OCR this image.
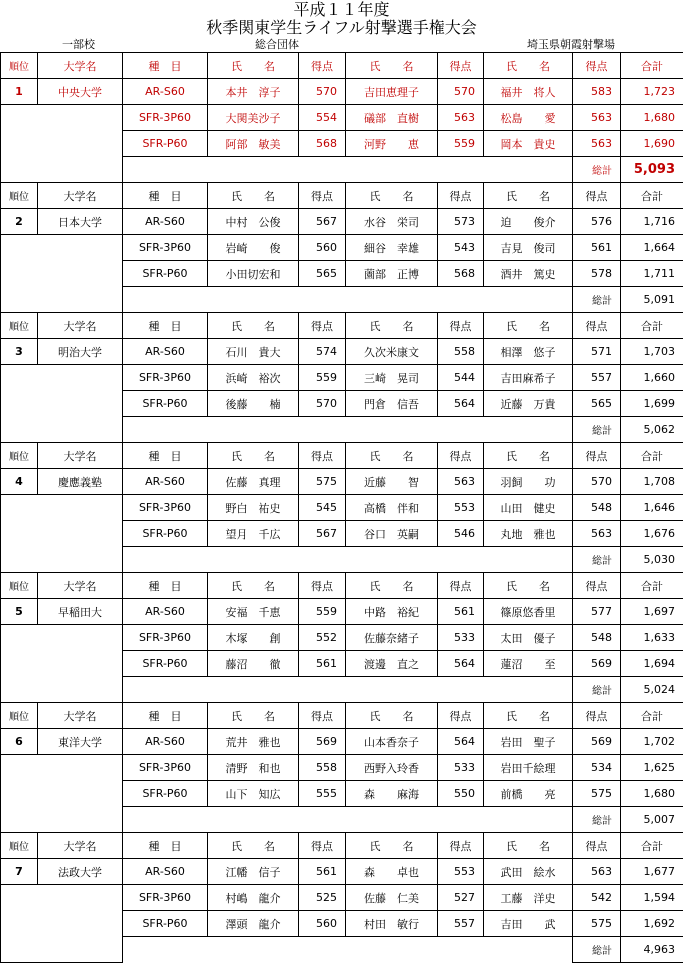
平成１１年度
秋季関東学生ライフル射撃選手権大会
一部校	総合団体	埼玉県朝霞射撃場
順位	大学名	種　目	氏　　名	得点	氏　　名	得点	氏　　名	得点	合計
1	中央大学	AR-S60	本井　淳子	570	吉田恵理子	570	福井　将人	583	1,723
SFR-3P60	大関美沙子	554	礒部　直樹	563	松島　　愛	563	1,680
SFR-P60	阿部　敏美	568	河野　　恵	559	岡本　貴史	563	1,690
総計	5,093
順位	大学名	種　目	氏　　名	得点	氏　　名	得点	氏　　名	得点	合計
2	日本大学	AR-S60	中村　公俊	567	水谷　栄司	573	迫　　俊介	576	1,716
SFR-3P60	岩崎　　俊	560	細谷　幸雄	543	吉見　俊司	561	1,664
SFR-P60	小田切宏和	565	薗部　正博	568	酒井　篤史	578	1,711
総計	5,091
順位	大学名	種　目	氏　　名	得点	氏　　名	得点	氏　　名	得点	合計
3	明治大学	AR-S60	石川　貴大	574	久次米康文	558	相澤　悠子	571	1,703
SFR-3P60	浜崎　裕次	559	三崎　晃司	544	吉田麻希子	557	1,660
SFR-P60	後藤　　楠	570	門倉　信吾	564	近藤　万貴	565	1,699
総計	5,062
順位	大学名	種　目	氏　　名	得点	氏　　名	得点	氏　　名	得点	合計
4	慶應義塾	AR-S60	佐藤　真理	575	近藤　　智	563	羽飼　　功	570	1,708
SFR-3P60	野白　祐史	545	高橋　伴和	553	山田　健史	548	1,646
SFR-P60	望月　千広	567	谷口　英嗣	546	丸地　雅也	563	1,676
総計	5,030
順位	大学名	種　目	氏　　名	得点	氏　　名	得点	氏　　名	得点	合計
5	早稲田大	AR-S60	安福　千恵	559	中路　裕紀	561	篠原悠香里	577	1,697
SFR-3P60	木塚　　創	552	佐藤奈緒子	533	太田　優子	548	1,633
SFR-P60	藤沼　　徹	561	渡邊　直之	564	蓮沼　　至	569	1,694
総計	5,024
順位	大学名	種　目	氏　　名	得点	氏　　名	得点	氏　　名	得点	合計
6	東洋大学	AR-S60	荒井　雅也	569	山本香奈子	564	岩田　聖子	569	1,702
SFR-3P60	清野　和也	558	西野入玲香	533	岩田千絵理	534	1,625
SFR-P60	山下　知広	555	森　　麻海	550	前橋　　亮	575	1,680
総計	5,007
順位	大学名	種　目	氏　　名	得点	氏　　名	得点	氏　　名	得点	合計
7	法政大学	AR-S60	江幡　信子	561	森　　卓也	553	武田　絵水	563	1,677
SFR-3P60	村嶋　龍介	525	佐藤　仁美	527	工藤　洋史	542	1,594
SFR-P60	澤頭　龍介	560	村田　敏行	557	吉田　　武	575	1,692
総計	4,963
